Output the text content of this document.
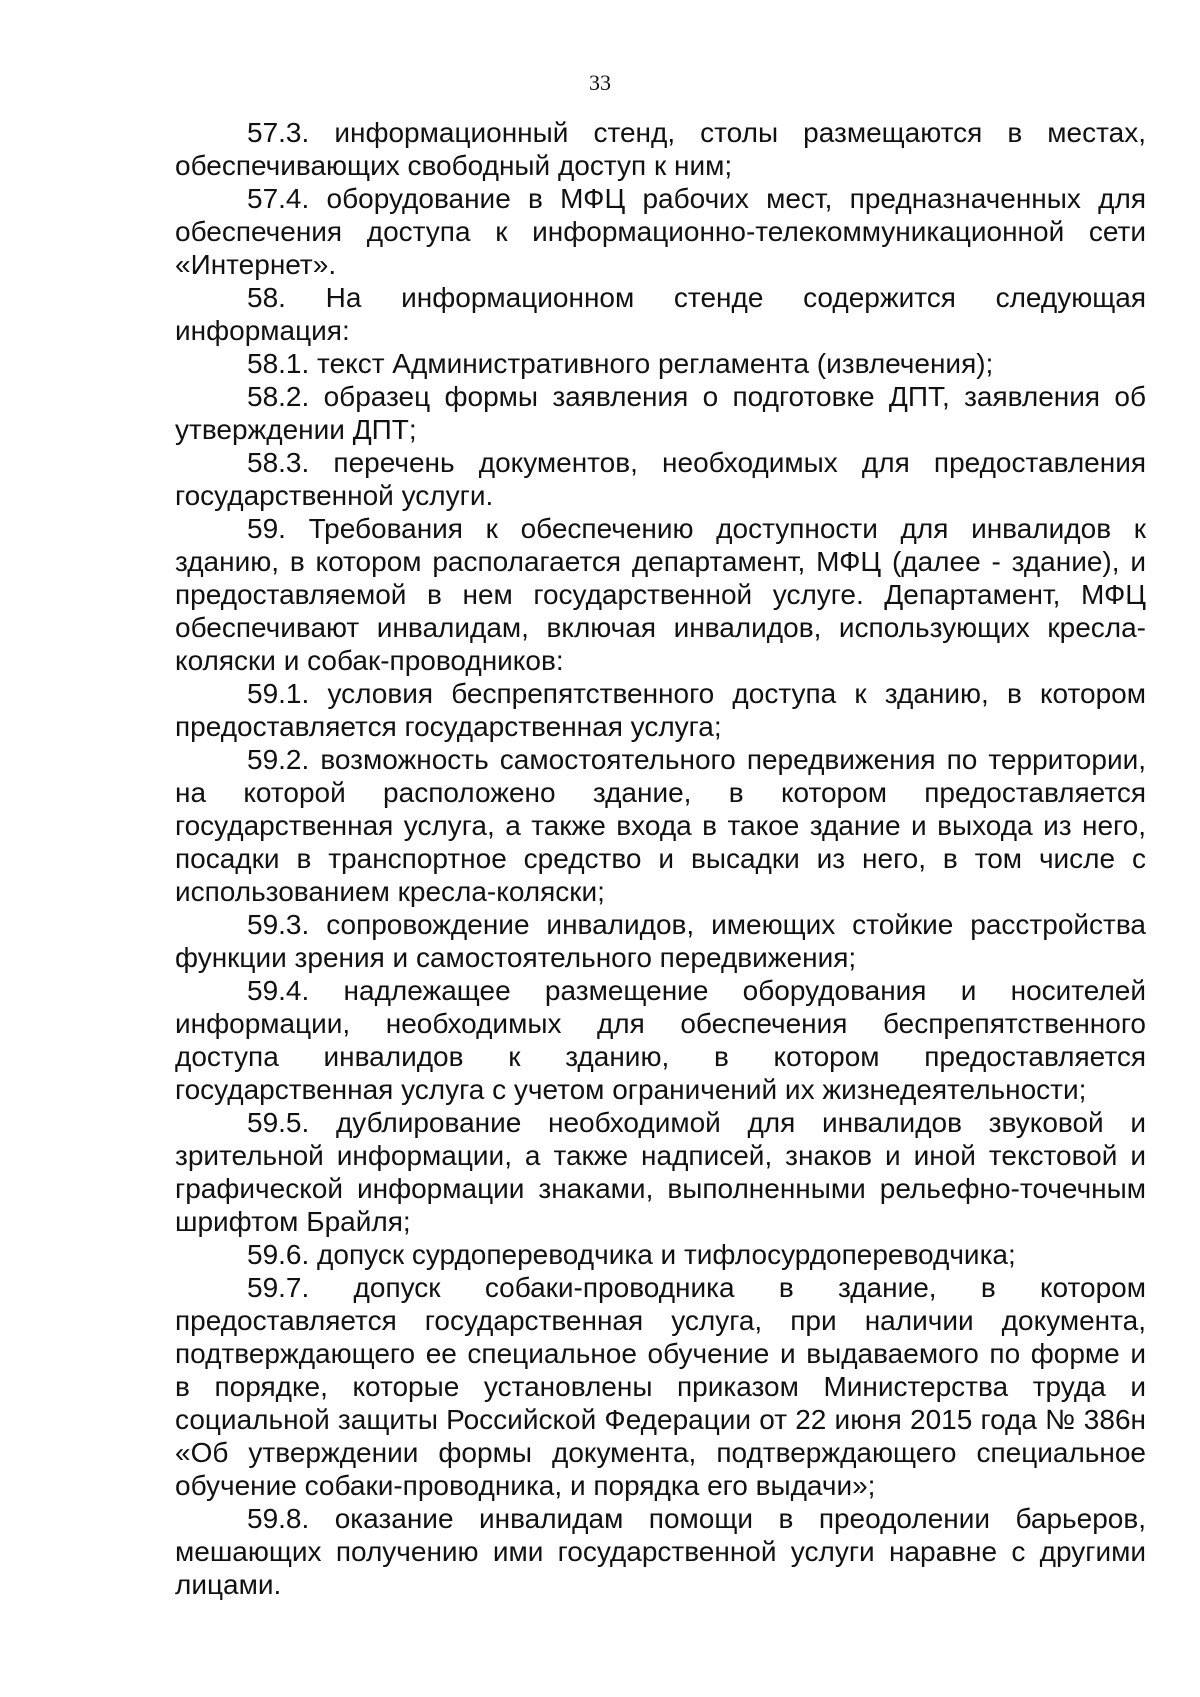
33

57.3. информационный стенд, столы размещаются в местах, обеспечивающих свободный доступ к ним;

57.4. оборудование в МФЦ рабочих мест, предназначенных для обеспечения доступа к информационно-телекоммуникационной сети «Интернет».

58. На информационном стенде содержится следующая информация:

58.1. текст Административного регламента (извлечения);

58.2. образец формы заявления о подготовке ДПТ, заявления об утверждении ДПТ;

58.3. перечень документов, необходимых для предоставления государственной услуги.

59. Требования к обеспечению доступности для инвалидов к зданию, в котором располагается департамент, МФЦ (далее - здание), и предоставляемой в нем государственной услуге. Департамент, МФЦ обеспечивают инвалидам, включая инвалидов, использующих кресла-коляски и собак-проводников:

59.1. условия беспрепятственного доступа к зданию, в котором предоставляется государственная услуга;

59.2. возможность самостоятельного передвижения по территории, на которой расположено здание, в котором предоставляется государственная услуга, а также входа в такое здание и выхода из него, посадки в транспортное средство и высадки из него, в том числе с использованием кресла-коляски;

59.3. сопровождение инвалидов, имеющих стойкие расстройства функции зрения и самостоятельного передвижения;

59.4. надлежащее размещение оборудования и носителей информации, необходимых для обеспечения беспрепятственного доступа инвалидов к зданию, в котором предоставляется государственная услуга с учетом ограничений их жизнедеятельности;

59.5. дублирование необходимой для инвалидов звуковой и зрительной информации, а также надписей, знаков и иной текстовой и графической информации знаками, выполненными рельефно-точечным шрифтом Брайля;

59.6. допуск сурдопереводчика и тифлосурдопереводчика;

59.7. допуск собаки-проводника в здание, в котором предоставляется государственная услуга, при наличии документа, подтверждающего ее специальное обучение и выдаваемого по форме и в порядке, которые установлены приказом Министерства труда и социальной защиты Российской Федерации от 22 июня 2015 года № 386н «Об утверждении формы документа, подтверждающего специальное обучение собаки-проводника, и порядка его выдачи»;

59.8. оказание инвалидам помощи в преодолении барьеров, мешающих получению ими государственной услуги наравне с другими лицами.
